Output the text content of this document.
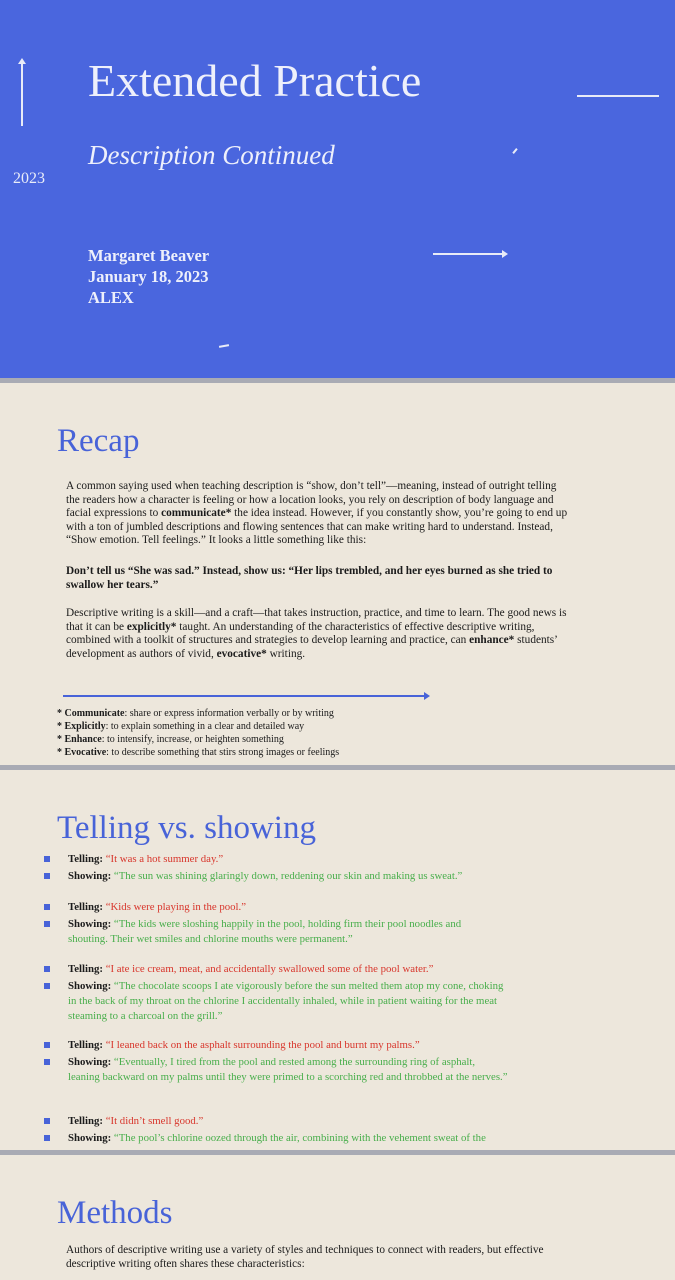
2023
Extended Practice
Description Continued
Margaret Beaver
January 18, 2023
ALEX
Recap
A common saying used when teaching description is “show, don’t tell”—meaning, instead of outright telling the readers how a character is feeling or how a location looks, you rely on description of body language and facial expressions to communicate* the idea instead. However, if you constantly show, you’re going to end up with a ton of jumbled descriptions and flowing sentences that can make writing hard to understand. Instead, “Show emotion. Tell feelings.” It looks a little something like this:
Don’t tell us “She was sad.” Instead, show us: “Her lips trembled, and her eyes burned as she tried to swallow her tears.”
Descriptive writing is a skill—and a craft—that takes instruction, practice, and time to learn. The good news is that it can be explicitly* taught. An understanding of the characteristics of effective descriptive writing, combined with a toolkit of structures and strategies to develop learning and practice, can enhance* students’ development as authors of vivid, evocative* writing.
* Communicate: share or express information verbally or by writing
* Explicitly: to explain something in a clear and detailed way
* Enhance: to intensify, increase, or heighten something
* Evocative: to describe something that stirs strong images or feelings
Telling vs. showing
Telling: “It was a hot summer day.”
Showing: “The sun was shining glaringly down, reddening our skin and making us sweat.”
Telling: “Kids were playing in the pool.”
Showing: “The kids were sloshing happily in the pool, holding firm their pool noodles and
shouting. Their wet smiles and chlorine mouths were permanent.”
Telling: “I ate ice cream, meat, and accidentally swallowed some of the pool water.”
Showing: “The chocolate scoops I ate vigorously before the sun melted them atop my cone, choking
in the back of my throat on the chlorine I accidentally inhaled, while in patient waiting for the meat steaming to a charcoal on the grill.”
Telling: “I leaned back on the asphalt surrounding the pool and burnt my palms.”
Showing: “Eventually, I tired from the pool and rested among the surrounding ring of asphalt,
leaning backward on my palms until they were primed to a scorching red and throbbed at the nerves.”
Telling: “It didn’t smell good.”
Showing: “The pool’s chlorine oozed through the air, combining with the vehement sweat of the
Methods
Authors of descriptive writing use a variety of styles and techniques to connect with readers, but effective descriptive writing often shares these characteristics:
